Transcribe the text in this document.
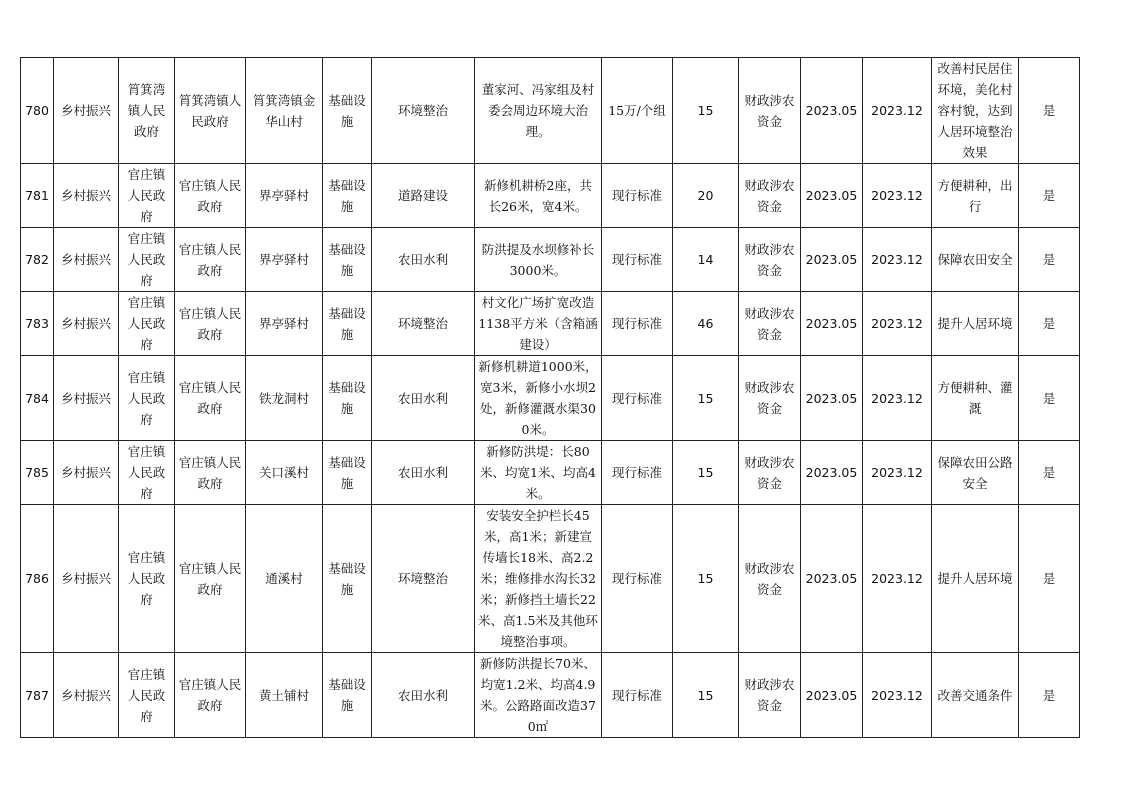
780	乡村振兴	筲箕湾镇人民政府	筲箕湾镇人民政府	筲箕湾镇金华山村	基础设施	环境整治	董家河、冯家组及村委会周边环境大治理。	15万/个组	15	财政涉农资金	2023.05	2023.12	改善村民居住环境，美化村容村貌，达到人居环境整治效果	是
781	乡村振兴	官庄镇人民政府	官庄镇人民政府	界亭驿村	基础设施	道路建设	新修机耕桥2座，共长26米，宽4米。	现行标准	20	财政涉农资金	2023.05	2023.12	方便耕种，出行	是
782	乡村振兴	官庄镇人民政府	官庄镇人民政府	界亭驿村	基础设施	农田水利	防洪提及水坝修补长3000米。	现行标准	14	财政涉农资金	2023.05	2023.12	保障农田安全	是
783	乡村振兴	官庄镇人民政府	官庄镇人民政府	界亭驿村	基础设施	环境整治	村文化广场扩宽改造1138平方米（含箱涵建设）	现行标准	46	财政涉农资金	2023.05	2023.12	提升人居环境	是
784	乡村振兴	官庄镇人民政府	官庄镇人民政府	铁龙洞村	基础设施	农田水利	新修机耕道1000米，宽3米，新修小水坝2处，新修灌溉水渠300米。	现行标准	15	财政涉农资金	2023.05	2023.12	方便耕种、灌溉	是
785	乡村振兴	官庄镇人民政府	官庄镇人民政府	关口溪村	基础设施	农田水利	新修防洪堤：长80米、均宽1米、均高4米。	现行标准	15	财政涉农资金	2023.05	2023.12	保障农田公路安全	是
786	乡村振兴	官庄镇人民政府	官庄镇人民政府	通溪村	基础设施	环境整治	安装安全护栏长45米，高1米；新建宣传墙长18米、高2.2米；维修排水沟长32米；新修挡土墙长22米、高1.5米及其他环境整治事项。	现行标准	15	财政涉农资金	2023.05	2023.12	提升人居环境	是
787	乡村振兴	官庄镇人民政府	官庄镇人民政府	黄土铺村	基础设施	农田水利	新修防洪提长70米、均宽1.2米、均高4.9米。公路路面改造370㎡	现行标准	15	财政涉农资金	2023.05	2023.12	改善交通条件	是
